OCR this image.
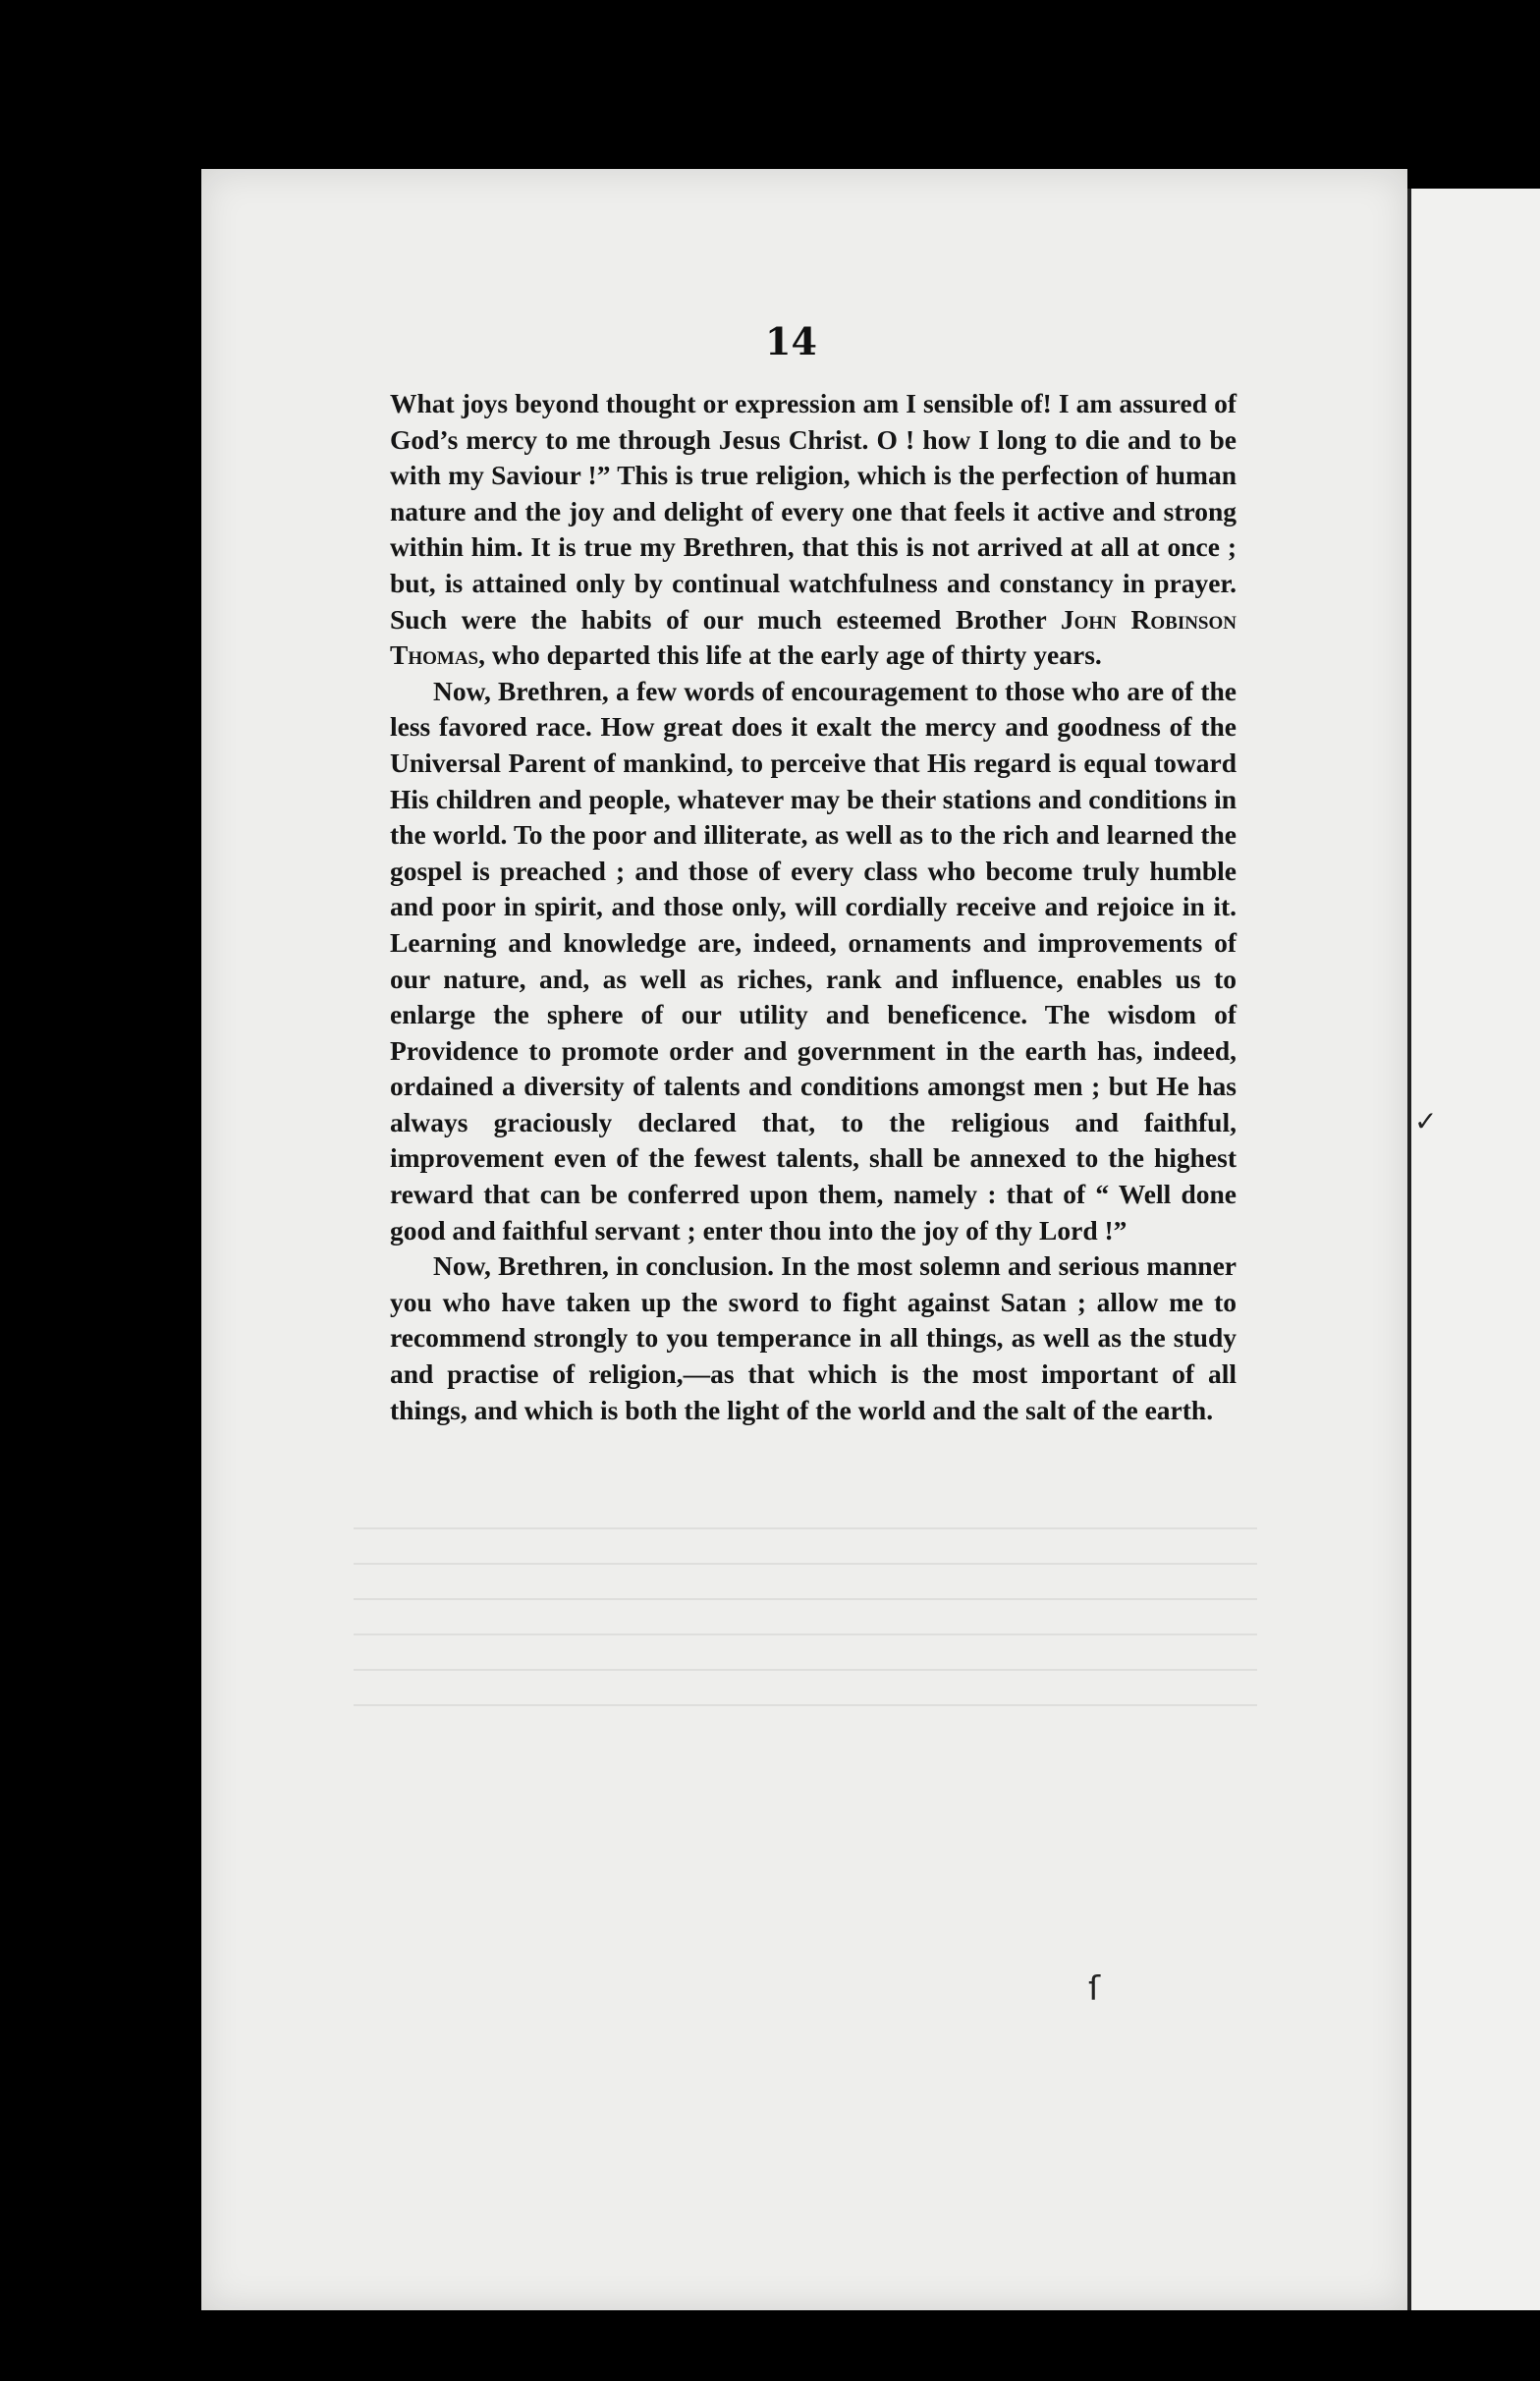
14

What joys beyond thought or expression am I sensible of! I am assured of God’s mercy to me through Jesus Christ. O ! how I long to die and to be with my Saviour !” This is true religion, which is the perfection of human nature and the joy and delight of every one that feels it active and strong within him. It is true my Brethren, that this is not arrived at all at once ; but, is attained only by continual watchfulness and constancy in prayer. Such were the habits of our much esteemed Brother John Robinson Thomas, who departed this life at the early age of thirty years.

Now, Brethren, a few words of encouragement to those who are of the less favored race. How great does it exalt the mercy and goodness of the Universal Parent of mankind, to perceive that His regard is equal toward His children and people, whatever may be their stations and conditions in the world. To the poor and illiterate, as well as to the rich and learned the gospel is preached ; and those of every class who become truly humble and poor in spirit, and those only, will cordially receive and rejoice in it. Learning and knowledge are, indeed, ornaments and improvements of our nature, and, as well as riches, rank and influence, enables us to enlarge the sphere of our utility and beneficence. The wisdom of Providence to promote order and government in the earth has, indeed, ordained a diversity of talents and conditions amongst men ; but He has always graciously declared that, to the religious and faithful, improvement even of the fewest talents, shall be annexed to the highest reward that can be conferred upon them, namely : that of “ Well done good and faithful servant ; enter thou into the joy of thy Lord !”

Now, Brethren, in conclusion. In the most solemn and serious manner you who have taken up the sword to fight against Satan ; allow me to recommend strongly to you temperance in all things, as well as the study and practise of religion,—as that which is the most important of all things, and which is both the light of the world and the salt of the earth.

✓
ſ
